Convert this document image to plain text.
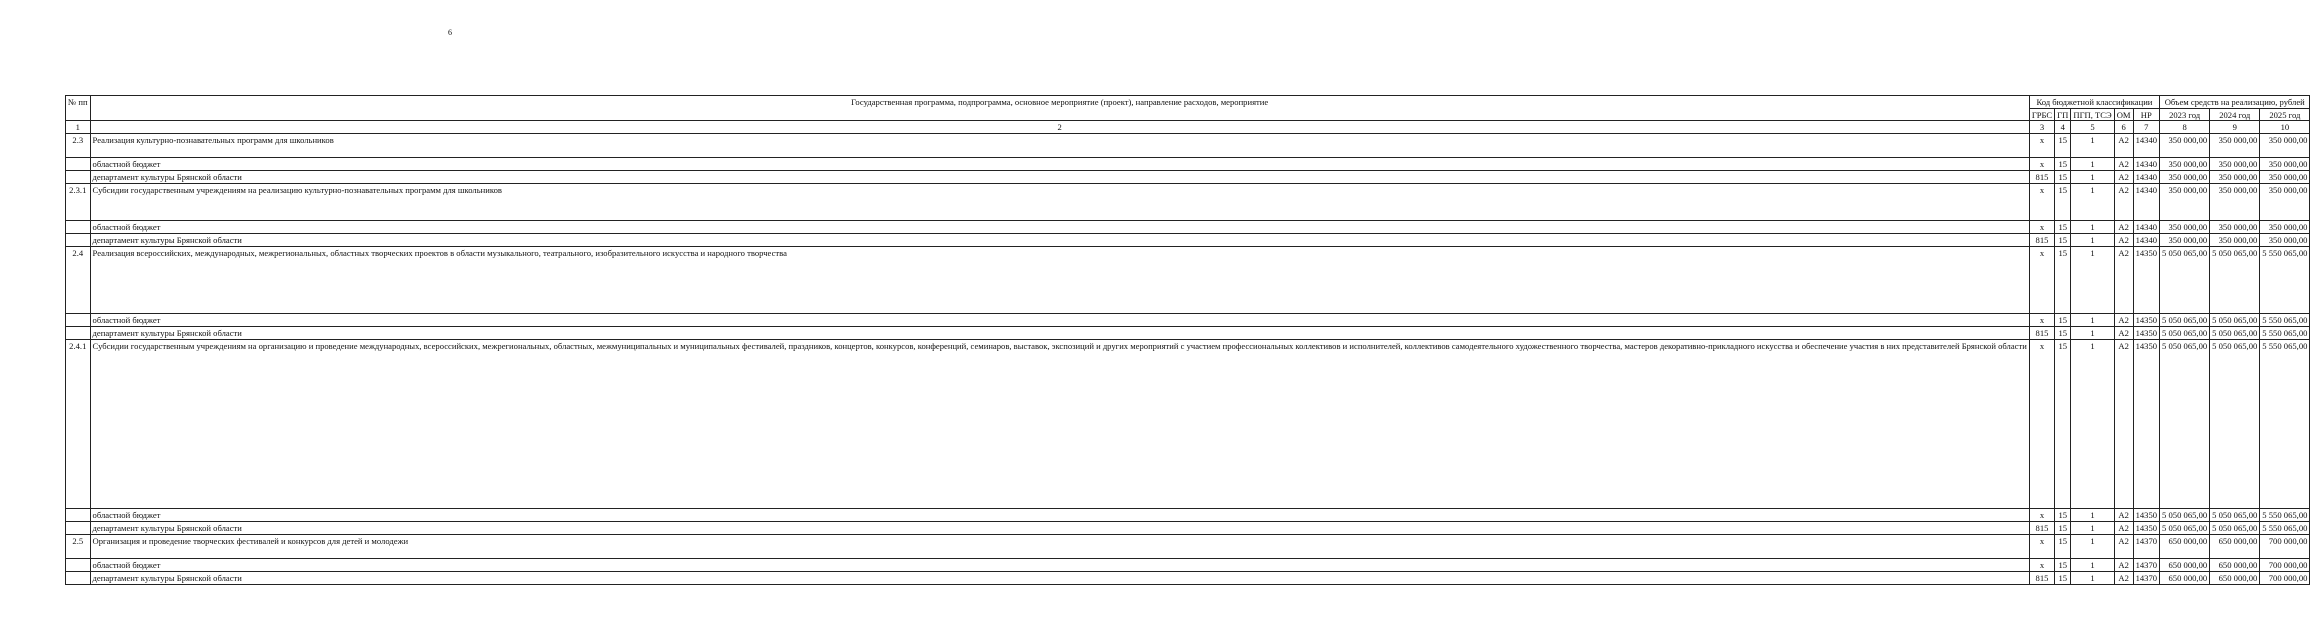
6
№ пп	Государственная программа, подпрограмма, основное мероприятие (проект), направление расходов, мероприятие	Код бюджетной классификации					Объем средств на реализацию, рублей		
		ГРБС	ГП	ПГП, ТСЭ	ОМ	НР	2023 год	2024 год	2025 год
1	2	3	4	5	6	7	8	9	10
2.3	Реализация культурно-познавательных программ для школьников	х	15	1	А2	14340	350 000,00	350 000,00	350 000,00
	областной бюджет	х	15	1	А2	14340	350 000,00	350 000,00	350 000,00
	департамент культуры Брянской области	815	15	1	А2	14340	350 000,00	350 000,00	350 000,00
2.3.1	Субсидии государственным учреждениям на реализацию культурно-познавательных программ для школьников	х	15	1	А2	14340	350 000,00	350 000,00	350 000,00
	областной бюджет	х	15	1	А2	14340	350 000,00	350 000,00	350 000,00
	департамент культуры Брянской области	815	15	1	А2	14340	350 000,00	350 000,00	350 000,00
2.4	Реализация всероссийских, международных, межрегиональных, областных творческих проектов в области музыкального, театрального, изобразительного искусства и народного творчества	х	15	1	А2	14350	5 050 065,00	5 050 065,00	5 550 065,00
	областной бюджет	х	15	1	А2	14350	5 050 065,00	5 050 065,00	5 550 065,00
	департамент культуры Брянской области	815	15	1	А2	14350	5 050 065,00	5 050 065,00	5 550 065,00
2.4.1	Субсидии государственным учреждениям на организацию и проведение международных, всероссийских, межрегиональных, областных, межмуниципальных и муниципальных фестивалей, праздников, концертов, конкурсов, конференций, семинаров, выставок, экспозиций и других мероприятий с участием профессиональных коллективов и исполнителей, коллективов самодеятельного художественного творчества, мастеров декоративно-прикладного искусства и обеспечение участия в них представителей Брянской области	х	15	1	А2	14350	5 050 065,00	5 050 065,00	5 550 065,00
	областной бюджет	х	15	1	А2	14350	5 050 065,00	5 050 065,00	5 550 065,00
	департамент культуры Брянской области	815	15	1	А2	14350	5 050 065,00	5 050 065,00	5 550 065,00
2.5	Организация и проведение творческих фестивалей и конкурсов для детей и молодежи	х	15	1	А2	14370	650 000,00	650 000,00	700 000,00
	областной бюджет	х	15	1	А2	14370	650 000,00	650 000,00	700 000,00
	департамент культуры Брянской области	815	15	1	А2	14370	650 000,00	650 000,00	700 000,00
